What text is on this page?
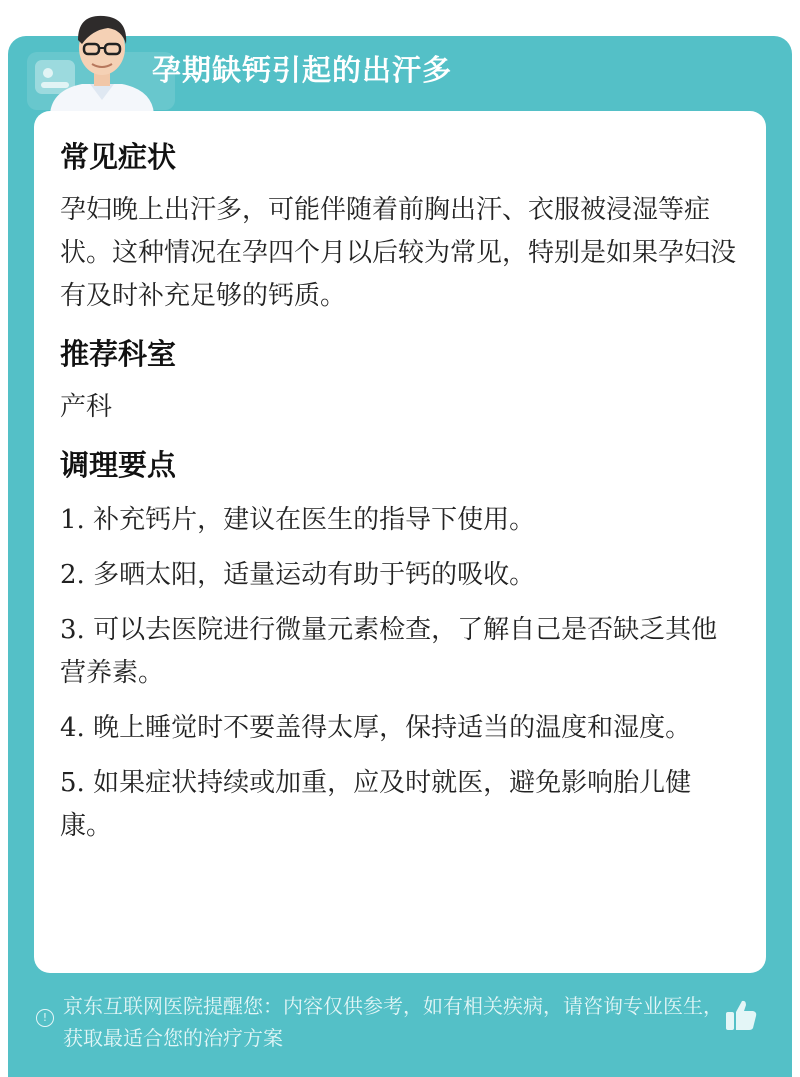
孕期缺钙引起的出汗多
常见症状

孕妇晚上出汗多，可能伴随着前胸出汗、衣服被浸湿等症状。这种情况在孕四个月以后较为常见，特别是如果孕妇没有及时补充足够的钙质。

推荐科室

产科

调理要点
1. 补充钙片，建议在医生的指导下使用。
2. 多晒太阳，适量运动有助于钙的吸收。
3. 可以去医院进行微量元素检查，了解自己是否缺乏其他营养素。
4. 晚上睡觉时不要盖得太厚，保持适当的温度和湿度。
5. 如果症状持续或加重，应及时就医，避免影响胎儿健康。
! 京东互联网医院提醒您：内容仅供参考，如有相关疾病，请咨询专业医生，获取最适合您的治疗方案
